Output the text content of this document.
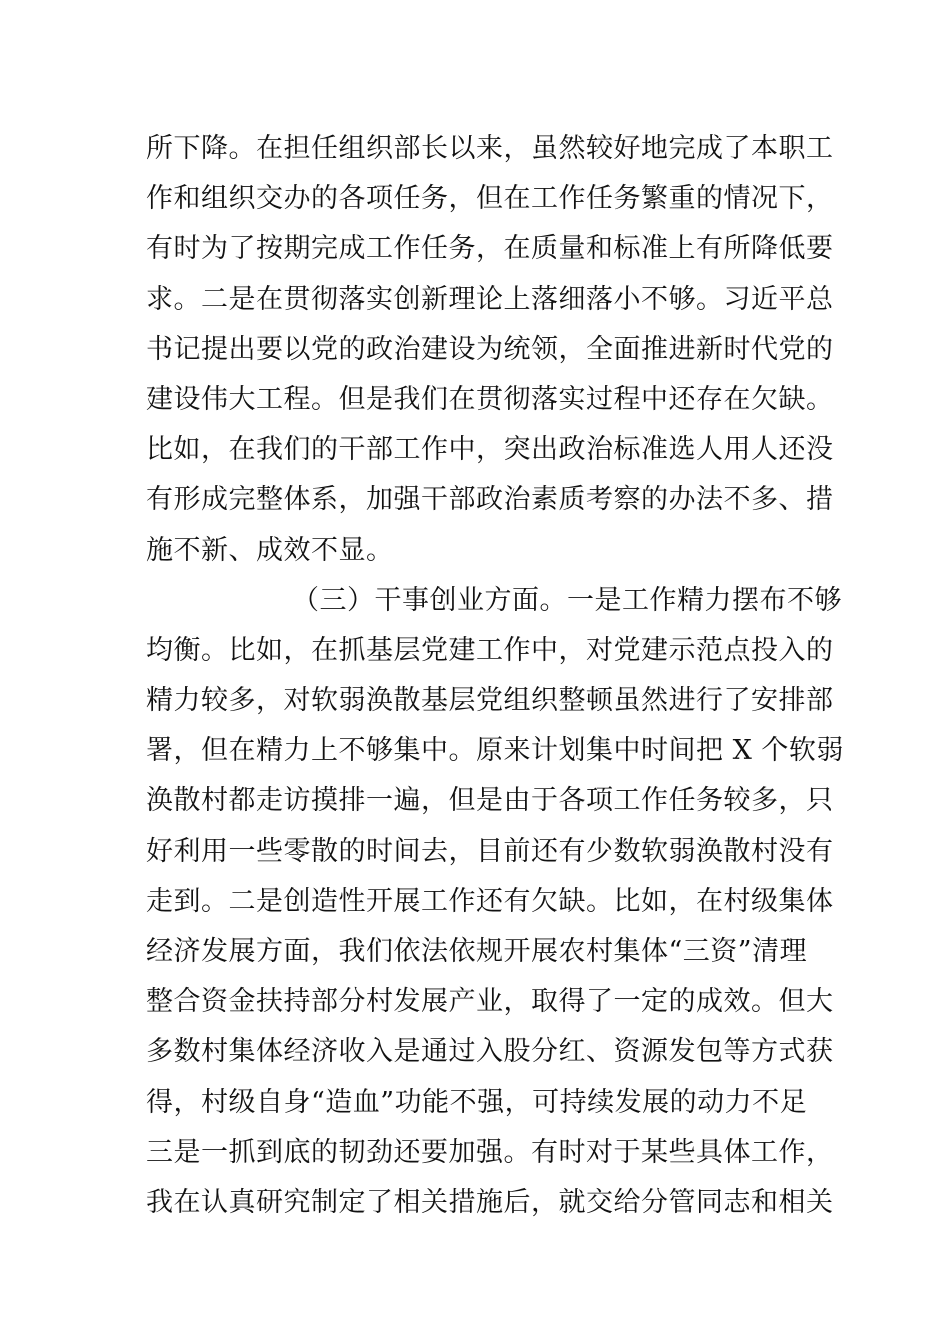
所下降。在担任组织部长以来，虽然较好地完成了本职工
作和组织交办的各项任务，但在工作任务繁重的情况下，
有时为了按期完成工作任务，在质量和标准上有所降低要
求。二是在贯彻落实创新理论上落细落小不够。习近平总
书记提出要以党的政治建设为统领，全面推进新时代党的
建设伟大工程。但是我们在贯彻落实过程中还存在欠缺。
比如，在我们的干部工作中，突出政治标准选人用人还没
有形成完整体系，加强干部政治素质考察的办法不多、措
施不新、成效不显。
（三）干事创业方面。一是工作精力摆布不够
均衡。比如，在抓基层党建工作中，对党建示范点投入的
精力较多，对软弱涣散基层党组织整顿虽然进行了安排部
署，但在精力上不够集中。原来计划集中时间把 X 个软弱
涣散村都走访摸排一遍，但是由于各项工作任务较多，只
好利用一些零散的时间去，目前还有少数软弱涣散村没有
走到。二是创造性开展工作还有欠缺。比如，在村级集体
经济发展方面，我们依法依规开展农村集体“三资”清理
整合资金扶持部分村发展产业，取得了一定的成效。但大
多数村集体经济收入是通过入股分红、资源发包等方式获
得，村级自身“造血”功能不强，可持续发展的动力不足
三是一抓到底的韧劲还要加强。有时对于某些具体工作，
我在认真研究制定了相关措施后，就交给分管同志和相关
